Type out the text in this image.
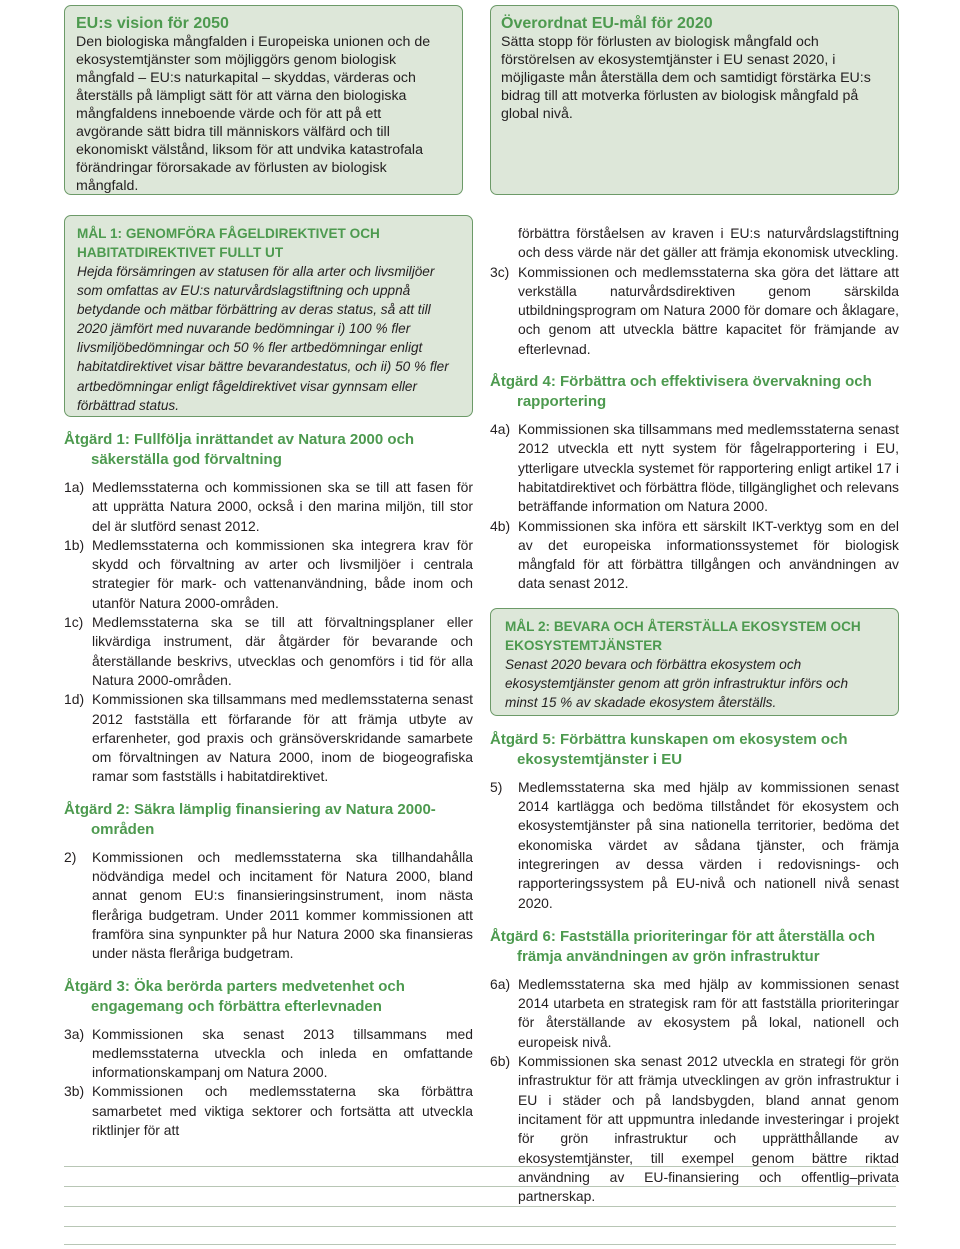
EU:s vision för 2050
Den biologiska mångfalden i Europeiska unionen och de ekosystemtjänster som möjliggörs genom biologisk mångfald – EU:s naturkapital – skyddas, värderas och återställs på lämpligt sätt för att värna den biologiska mångfaldens inneboende värde och för att på ett avgörande sätt bidra till människors välfärd och till ekonomiskt välstånd, liksom för att undvika katastrofala förändringar förorsakade av förlusten av biologisk mångfald.
Överordnat EU-mål för 2020
Sätta stopp för förlusten av biologisk mångfald och förstörelsen av ekosystemtjänster i EU senast 2020, i möjligaste mån återställa dem och samtidigt förstärka EU:s bidrag till att motverka förlusten av biologisk mångfald på global nivå.
MÅL 1: GENOMFÖRA FÅGELDIREKTIVET OCH HABITATDIREKTIVET FULLT UT
Hejda försämringen av statusen för alla arter och livsmiljöer som omfattas av EU:s naturvårdslagstiftning och uppnå betydande och mätbar förbättring av deras status, så att till 2020 jämfört med nuvarande bedömningar i) 100 % fler livsmiljöbedömningar och 50 % fler artbedömningar enligt habitatdirektivet visar bättre bevarandestatus, och ii) 50 % fler artbedömningar enligt fågeldirektivet visar gynnsam eller förbättrad status.
Åtgärd 1: Fullfölja inrättandet av Natura 2000 och säkerställa god förvaltning
1a) Medlemsstaterna och kommissionen ska se till att fasen för att upprätta Natura 2000, också i den marina miljön, till stor del är slutförd senast 2012.
1b) Medlemsstaterna och kommissionen ska integrera krav för skydd och förvaltning av arter och livsmiljöer i centrala strategier för mark- och vattenanvändning, både inom och utanför Natura 2000-områden.
1c) Medlemsstaterna ska se till att förvaltningsplaner eller likvärdiga instrument, där åtgärder för bevarande och återställande beskrivs, utvecklas och genomförs i tid för alla Natura 2000-områden.
1d) Kommissionen ska tillsammans med medlemsstaterna senast 2012 fastställa ett förfarande för att främja utbyte av erfarenheter, god praxis och gränsöverskridande samarbete om förvaltningen av Natura 2000, inom de biogeografiska ramar som fastställs i habitatdirektivet.
Åtgärd 2: Säkra lämplig finansiering av Natura 2000-områden
2) Kommissionen och medlemsstaterna ska tillhandahålla nödvändiga medel och incitament för Natura 2000, bland annat genom EU:s finansieringsinstrument, inom nästa fleråriga budgetram. Under 2011 kommer kommissionen att framföra sina synpunkter på hur Natura 2000 ska finansieras under nästa fleråriga budgetram.
Åtgärd 3: Öka berörda parters medvetenhet och engagemang och förbättra efterlevnaden
3a) Kommissionen ska senast 2013 tillsammans med medlemsstaterna utveckla och inleda en omfattande informationskampanj om Natura 2000.
3b) Kommissionen och medlemsstaterna ska förbättra samarbetet med viktiga sektorer och fortsätta att utveckla riktlinjer för att
förbättra förståelsen av kraven i EU:s naturvårdslagstiftning och dess värde när det gäller att främja ekonomisk utveckling.
3c) Kommissionen och medlemsstaterna ska göra det lättare att verkställa naturvårdsdirektiven genom särskilda utbildningsprogram om Natura 2000 för domare och åklagare, och genom att utveckla bättre kapacitet för främjande av efterlevnad.
Åtgärd 4: Förbättra och effektivisera övervakning och rapportering
4a) Kommissionen ska tillsammans med medlemsstaterna senast 2012 utveckla ett nytt system för fågelrapportering i EU, ytterligare utveckla systemet för rapportering enligt artikel 17 i habitatdirektivet och förbättra flöde, tillgänglighet och relevans beträffande information om Natura 2000.
4b) Kommissionen ska införa ett särskilt IKT-verktyg som en del av det europeiska informationssystemet för biologisk mångfald för att förbättra tillgången och användningen av data senast 2012.
MÅL 2: BEVARA OCH ÅTERSTÄLLA EKOSYSTEM OCH EKOSYSTEMTJÄNSTER
Senast 2020 bevara och förbättra ekosystem och ekosystemtjänster genom att grön infrastruktur införs och minst 15 % av skadade ekosystem återställs.
Åtgärd 5: Förbättra kunskapen om ekosystem och ekosystemtjänster i EU
5) Medlemsstaterna ska med hjälp av kommissionen senast 2014 kartlägga och bedöma tillståndet för ekosystem och ekosystemtjänster på sina nationella territorier, bedöma det ekonomiska värdet av sådana tjänster, och främja integreringen av dessa värden i redovisnings- och rapporteringssystem på EU-nivå och nationell nivå senast 2020.
Åtgärd 6: Fastställa prioriteringar för att återställa och främja användningen av grön infrastruktur
6a) Medlemsstaterna ska med hjälp av kommissionen senast 2014 utarbeta en strategisk ram för att fastställa prioriteringar för återställande av ekosystem på lokal, nationell och europeisk nivå.
6b) Kommissionen ska senast 2012 utveckla en strategi för grön infrastruktur för att främja utvecklingen av grön infrastruktur i EU i städer och på landsbygden, bland annat genom incitament för att uppmuntra inledande investeringar i projekt för grön infrastruktur och upprätthållande av ekosystemtjänster, till exempel genom bättre riktad användning av EU-finansiering och offentlig–privata partnerskap.
